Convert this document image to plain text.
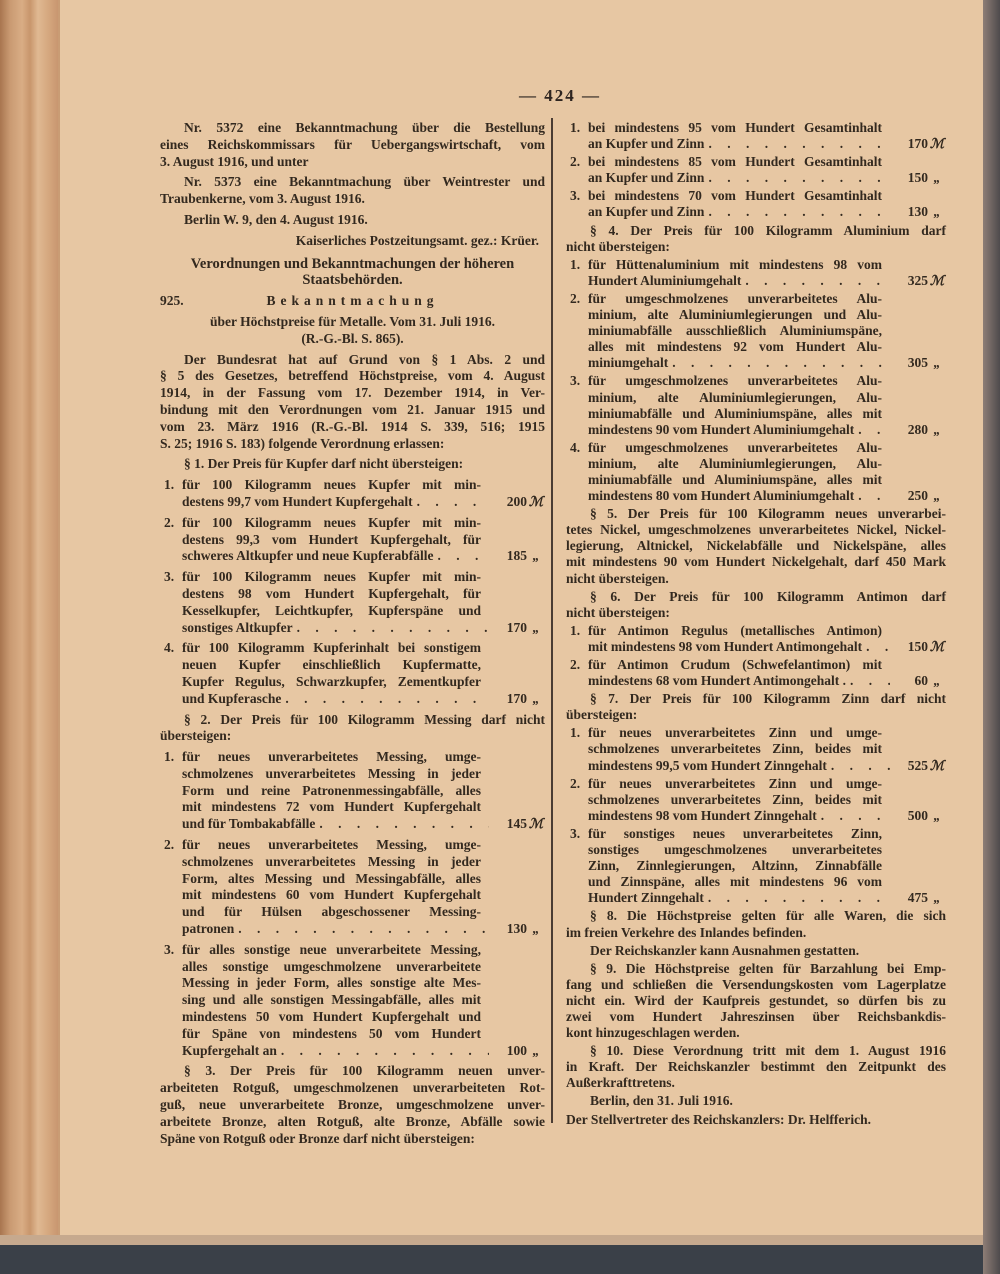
— 424 —
Nr. 5372 eine Bekanntmachung über die Bestellung
eines Reichskommissars für Uebergangswirtschaft, vom
3. August 1916, und unter
Nr. 5373 eine Bekanntmachung über Weintrester und
Traubenkerne, vom 3. August 1916.
Berlin W. 9, den 4. August 1916.
Kaiserliches Postzeitungsamt. gez.: Krüer.
Verordnungen und Bekanntmachungen der höheren
Staatsbehörden.
925.	Bekanntmachung
über Höchstpreise für Metalle. Vom 31. Juli 1916.
(R.-G.-Bl. S. 865).
Der Bundesrat hat auf Grund von § 1 Abs. 2 und
§ 5 des Gesetzes, betreffend Höchstpreise, vom 4. August
1914, in der Fassung vom 17. Dezember 1914, in Ver-
bindung mit den Verordnungen vom 21. Januar 1915 und
vom 23. März 1916 (R.-G.-Bl. 1914 S. 339, 516; 1915
S. 25; 1916 S. 183) folgende Verordnung erlassen:
§ 1. Der Preis für Kupfer darf nicht übersteigen:
1. für 100 Kilogramm neues Kupfer mit min-
destens 99,7 vom Hundert Kupfergehalt . . .	200 ℳ
2. für 100 Kilogramm neues Kupfer mit min-
destens 99,3 vom Hundert Kupfergehalt, für
schweres Altkupfer und neue Kupferabfälle . . .	185 „
3. für 100 Kilogramm neues Kupfer mit min-
destens 98 vom Hundert Kupfergehalt, für
Kesselkupfer, Leichtkupfer, Kupferspäne und
sonstiges Altkupfer . . .	170 „
4. für 100 Kilogramm Kupferinhalt bei sonstigem
neuen Kupfer einschließlich Kupfermatte,
Kupfer Regulus, Schwarzkupfer, Zementkupfer
und Kupferasche . . .	170 „
§ 2. Der Preis für 100 Kilogramm Messing darf nicht
übersteigen:
1. für neues unverarbeitetes Messing, umge-
schmolzenes unverarbeitetes Messing in jeder
Form und reine Patronenmessingabfälle, alles
mit mindestens 72 vom Hundert Kupfergehalt
und für Tombakabfälle . . .	145 ℳ
2. für neues unverarbeitetes Messing, umge-
schmolzenes unverarbeitetes Messing in jeder
Form, altes Messing und Messingabfälle, alles
mit mindestens 60 vom Hundert Kupfergehalt
und für Hülsen abgeschossener Messing-
patronen . . .	130 „
3. für alles sonstige neue unverarbeitete Messing,
alles sonstige umgeschmolzene unverarbeitete
Messing in jeder Form, alles sonstige alte Mes-
sing und alle sonstigen Messingabfälle, alles mit
mindestens 50 vom Hundert Kupfergehalt und
für Späne von mindestens 50 vom Hundert
Kupfergehalt an . . .	100 „
§ 3. Der Preis für 100 Kilogramm neuen unver-
arbeiteten Rotguß, umgeschmolzenen unverarbeiteten Rot-
guß, neue unverarbeitete Bronze, umgeschmolzene unver-
arbeitete Bronze, alten Rotguß, alte Bronze, Abfälle sowie
Späne von Rotguß oder Bronze darf nicht übersteigen:
1. bei mindestens 95 vom Hundert Gesamtinhalt
an Kupfer und Zinn . . .	170 ℳ
2. bei mindestens 85 vom Hundert Gesamtinhalt
an Kupfer und Zinn . . .	150 „
3. bei mindestens 70 vom Hundert Gesamtinhalt
an Kupfer und Zinn . . .	130 „
§ 4. Der Preis für 100 Kilogramm Aluminium darf
nicht übersteigen:
1. für Hüttenaluminium mit mindestens 98 vom
Hundert Aluminiumgehalt . . .	325 ℳ
2. für umgeschmolzenes unverarbeitetes Alu-
minium, alte Aluminiumlegierungen und Alu-
miniumabfälle ausschließlich Aluminiumspäne,
alles mit mindestens 92 vom Hundert Alu-
miniumgehalt . . .	305 „
3. für umgeschmolzenes unverarbeitetes Alu-
minium, alte Aluminiumlegierungen, Alu-
miniumabfälle und Aluminiumspäne, alles mit
mindestens 90 vom Hundert Aluminiumgehalt . . .	280 „
4. für umgeschmolzenes unverarbeitetes Alu-
minium, alte Aluminiumlegierungen, Alu-
miniumabfälle und Aluminiumspäne, alles mit
mindestens 80 vom Hundert Aluminiumgehalt . . .	250 „
§ 5. Der Preis für 100 Kilogramm neues unverarbei-
tetes Nickel, umgeschmolzenes unverarbeitetes Nickel, Nickel-
legierung, Altnickel, Nickelabfälle und Nickelspäne, alles
mit mindestens 90 vom Hundert Nickelgehalt, darf 450 Mark
nicht übersteigen.
§ 6. Der Preis für 100 Kilogramm Antimon darf
nicht übersteigen:
1. für Antimon Regulus (metallisches Antimon)
mit mindestens 98 vom Hundert Antimongehalt . . .	150 ℳ
2. für Antimon Crudum (Schwefelantimon) mit
mindestens 68 vom Hundert Antimongehalt . . . .	60 „
§ 7. Der Preis für 100 Kilogramm Zinn darf nicht
übersteigen:
1. für neues unverarbeitetes Zinn und umge-
schmolzenes unverarbeitetes Zinn, beides mit
mindestens 99,5 vom Hundert Zinngehalt . . .	525 ℳ
2. für neues unverarbeitetes Zinn und umge-
schmolzenes unverarbeitetes Zinn, beides mit
mindestens 98 vom Hundert Zinngehalt . . .	500 „
3. für sonstiges neues unverarbeitetes Zinn,
sonstiges umgeschmolzenes unverarbeitetes
Zinn, Zinnlegierungen, Altzinn, Zinnabfälle
und Zinnspäne, alles mit mindestens 96 vom
Hundert Zinngehalt . . .	475 „
§ 8. Die Höchstpreise gelten für alle Waren, die sich
im freien Verkehre des Inlandes befinden.
Der Reichskanzler kann Ausnahmen gestatten.
§ 9. Die Höchstpreise gelten für Barzahlung bei Emp-
fang und schließen die Versendungskosten vom Lagerplatze
nicht ein. Wird der Kaufpreis gestundet, so dürfen bis zu
zwei vom Hundert Jahreszinsen über Reichsbankdis-
kont hinzugeschlagen werden.
§ 10. Diese Verordnung tritt mit dem 1. August 1916
in Kraft. Der Reichskanzler bestimmt den Zeitpunkt des
Außerkrafttretens.
Berlin, den 31. Juli 1916.
Der Stellvertreter des Reichskanzlers: Dr. Helfferich.
